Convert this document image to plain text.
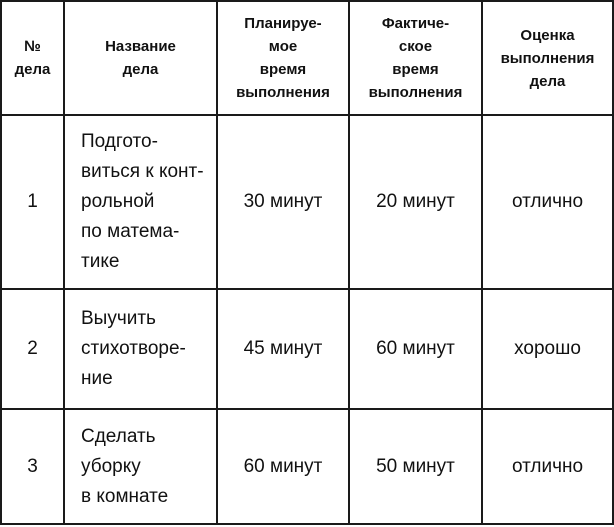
№
дела	Название
дела	Планируе-
мое
время
выполнения	Фактиче-
ское
время
выполнения	Оценка
выполнения
дела

1	Подгото-
виться к конт-
рольной
по матема-
тике	30 минут	20 минут	отлично
2	Выучить
стихотворе-
ние	45 минут	60 минут	хорошо
3	Сделать
уборку
в комнате	60 минут	50 минут	отлично
